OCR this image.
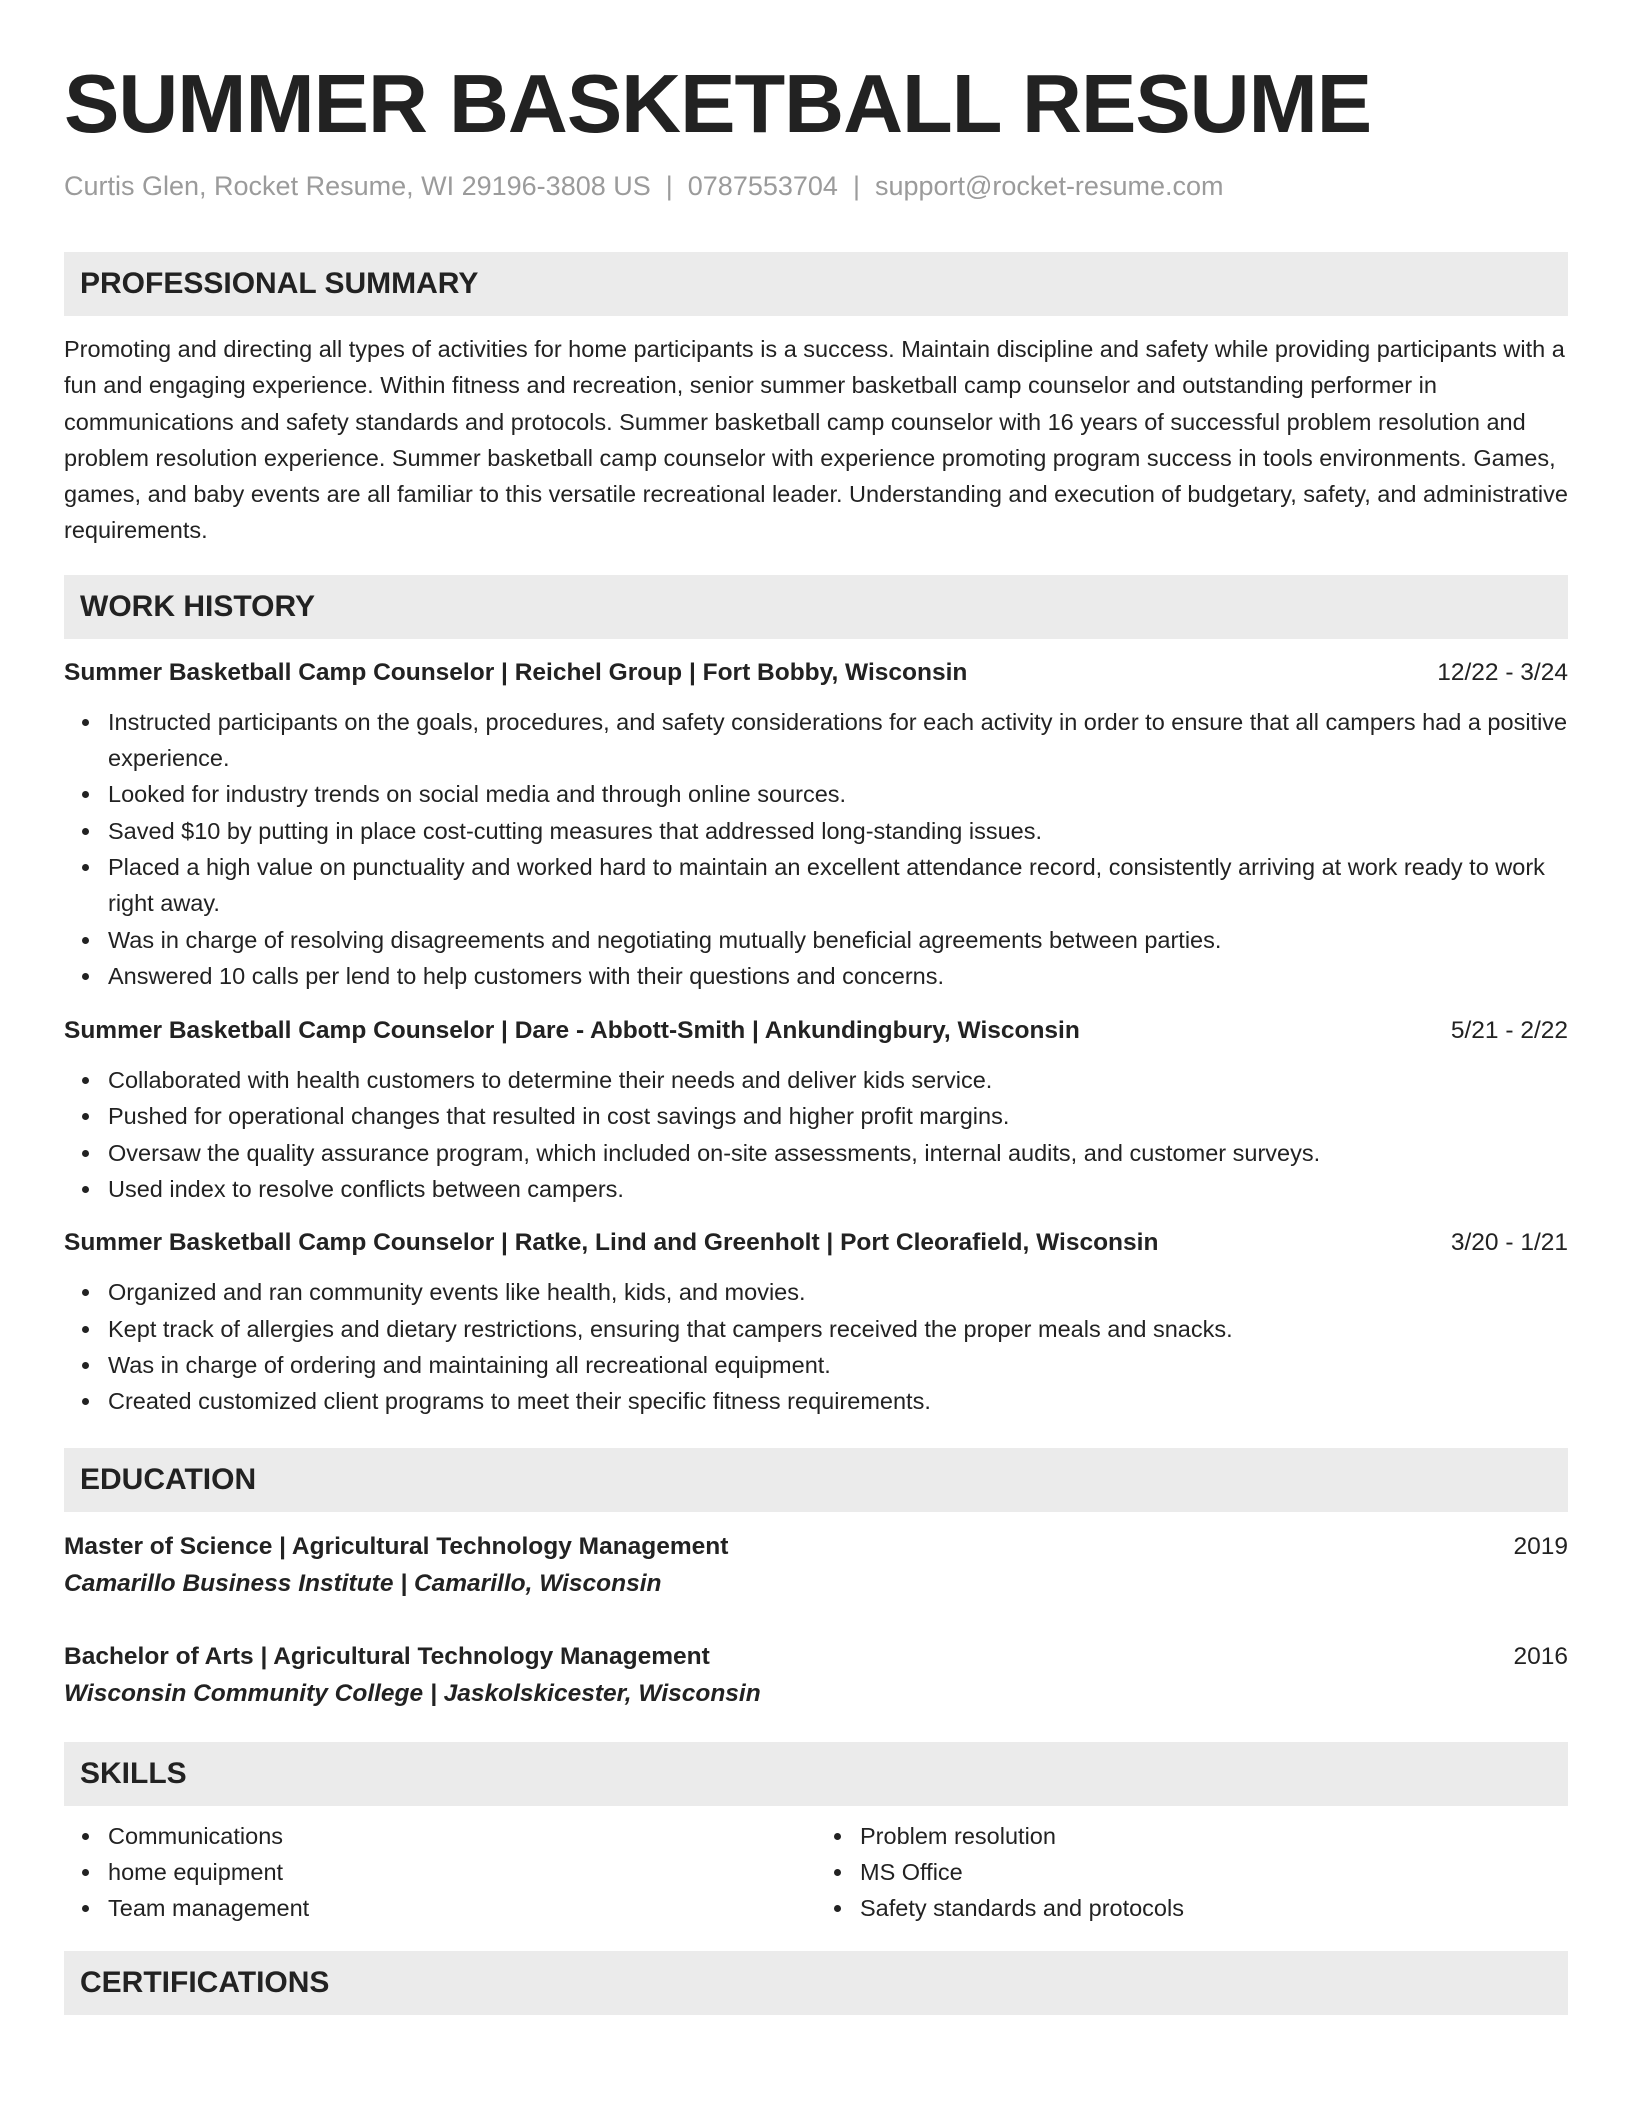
SUMMER BASKETBALL RESUME
Curtis Glen, Rocket Resume, WI 29196-3808 US | 0787553704 | support@rocket-resume.com
PROFESSIONAL SUMMARY

Promoting and directing all types of activities for home participants is a success. Maintain discipline and safety while providing participants with a fun and engaging experience. Within fitness and recreation, senior summer basketball camp counselor and outstanding performer in communications and safety standards and protocols. Summer basketball camp counselor with 16 years of successful problem resolution and problem resolution experience. Summer basketball camp counselor with experience promoting program success in tools environments. Games, games, and baby events are all familiar to this versatile recreational leader. Understanding and execution of budgetary, safety, and administrative requirements.

WORK HISTORY
Summer Basketball Camp Counselor | Reichel Group | Fort Bobby, Wisconsin	12/22 - 3/24
Instructed participants on the goals, procedures, and safety considerations for each activity in order to ensure that all campers had a positive experience.
Looked for industry trends on social media and through online sources.
Saved $10 by putting in place cost-cutting measures that addressed long-standing issues.
Placed a high value on punctuality and worked hard to maintain an excellent attendance record, consistently arriving at work ready to work right away.
Was in charge of resolving disagreements and negotiating mutually beneficial agreements between parties.
Answered 10 calls per lend to help customers with their questions and concerns.
Summer Basketball Camp Counselor | Dare - Abbott-Smith | Ankundingbury, Wisconsin	5/21 - 2/22
Collaborated with health customers to determine their needs and deliver kids service.
Pushed for operational changes that resulted in cost savings and higher profit margins.
Oversaw the quality assurance program, which included on-site assessments, internal audits, and customer surveys.
Used index to resolve conflicts between campers.
Summer Basketball Camp Counselor | Ratke, Lind and Greenholt | Port Cleorafield, Wisconsin	3/20 - 1/21
Organized and ran community events like health, kids, and movies.
Kept track of allergies and dietary restrictions, ensuring that campers received the proper meals and snacks.
Was in charge of ordering and maintaining all recreational equipment.
Created customized client programs to meet their specific fitness requirements.
EDUCATION
Master of Science | Agricultural Technology Management	2019
Camarillo Business Institute | Camarillo, Wisconsin
Bachelor of Arts | Agricultural Technology Management	2016
Wisconsin Community College | Jaskolskicester, Wisconsin
SKILLS
Communications
home equipment
Team management
Problem resolution
MS Office
Safety standards and protocols
CERTIFICATIONS
